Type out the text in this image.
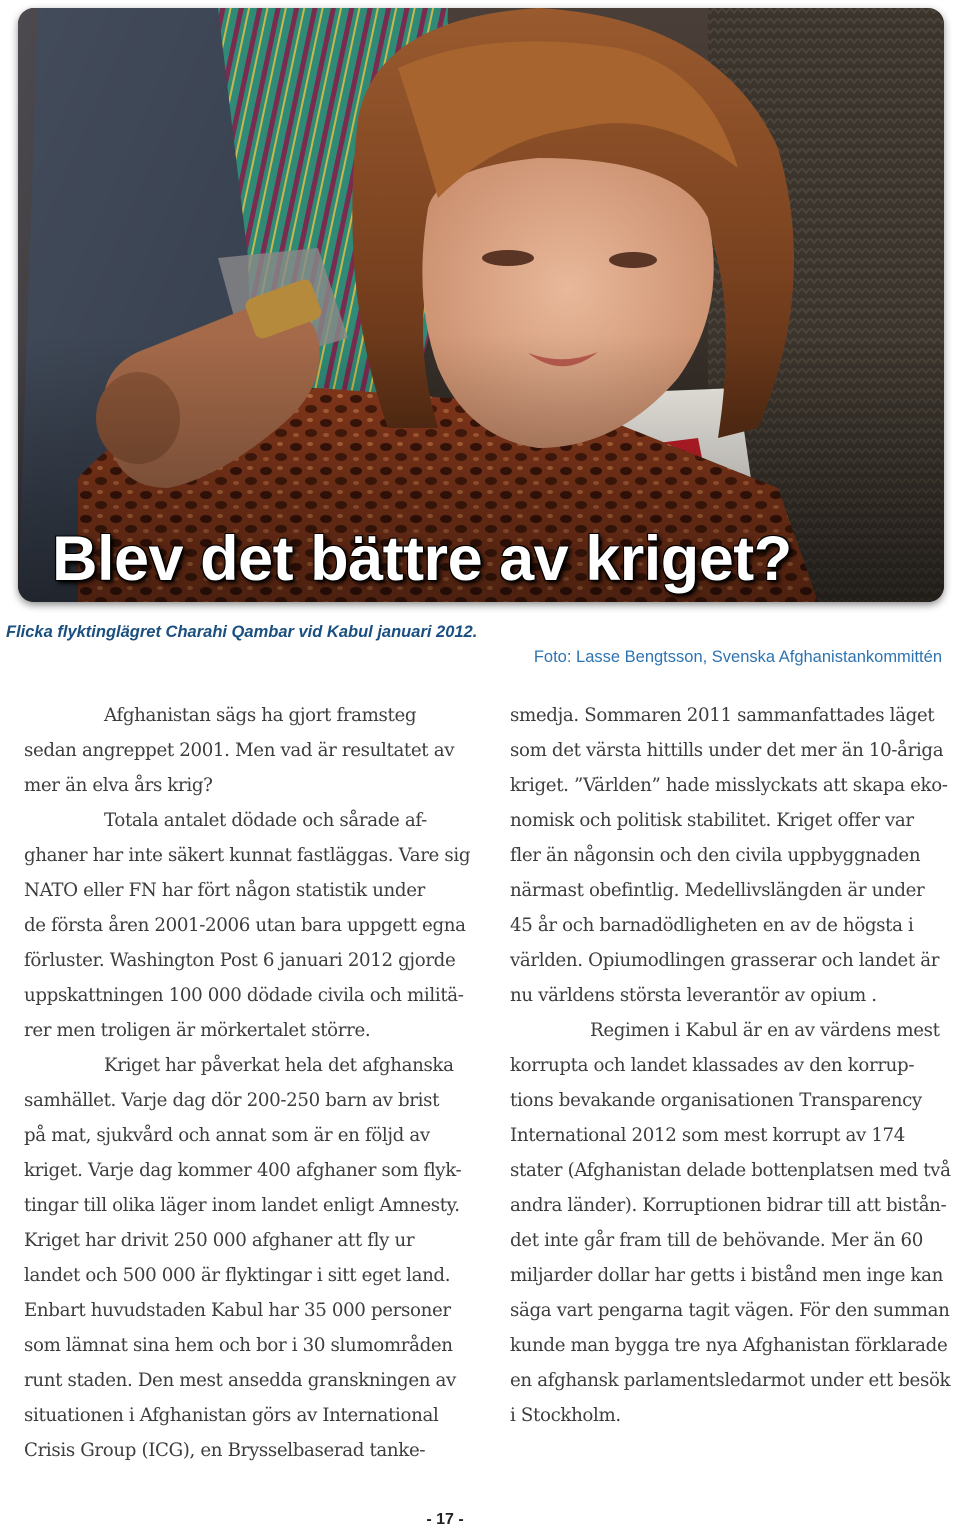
Blev det bättre av kriget?

Flicka flyktinglägret Charahi Qambar vid Kabul januari 2012.

Foto: Lasse Bengtsson, Svenska Afghanistankommittén

Afghanistan sägs ha gjort framsteg
sedan angreppet 2001. Men vad är resultatet av
mer än elva års krig?

Totala antalet dödade och sårade af-
ghaner har inte säkert kunnat fastläggas. Vare sig
NATO eller FN har fört någon statistik under
de första åren 2001-2006 utan bara uppgett egna
förluster. Washington Post 6 januari 2012 gjorde
uppskattningen 100 000 dödade civila och militä-
rer men troligen är mörkertalet större.

Kriget har påverkat hela det afghanska
samhället. Varje dag dör 200-250 barn av brist
på mat, sjukvård och annat som är en följd av
kriget. Varje dag kommer 400 afghaner som flyk-
tingar till olika läger inom landet enligt Amnesty.
Kriget har drivit 250 000 afghaner att fly ur
landet och 500 000 är flyktingar i sitt eget land.
Enbart huvudstaden Kabul har 35 000 personer
som lämnat sina hem och bor i 30 slumområden
runt staden. Den mest ansedda granskningen av
situationen i Afghanistan görs av International
Crisis Group (ICG), en Brysselbaserad tanke-

smedja. Sommaren 2011 sammanfattades läget
som det värsta hittills under det mer än 10-åriga
kriget. ”Världen” hade misslyckats att skapa eko-
nomisk och politisk stabilitet. Kriget offer var
fler än någonsin och den civila uppbyggnaden
närmast obefintlig. Medellivslängden är under
45 år och barnadödligheten en av de högsta i
världen. Opiumodlingen grasserar och landet är
nu världens största leverantör av opium .

Regimen i Kabul är en av värdens mest
korrupta och landet klassades av den korrup-
tions bevakande organisationen Transparency
International 2012 som mest korrupt av 174
stater (Afghanistan delade bottenplatsen med två
andra länder). Korruptionen bidrar till att bistån-
det inte går fram till de behövande. Mer än 60
miljarder dollar har getts i bistånd men inge kan
säga vart pengarna tagit vägen. För den summan
kunde man bygga tre nya Afghanistan förklarade
en afghansk parlamentsledarmot under ett besök
i Stockholm.

- 17 -
